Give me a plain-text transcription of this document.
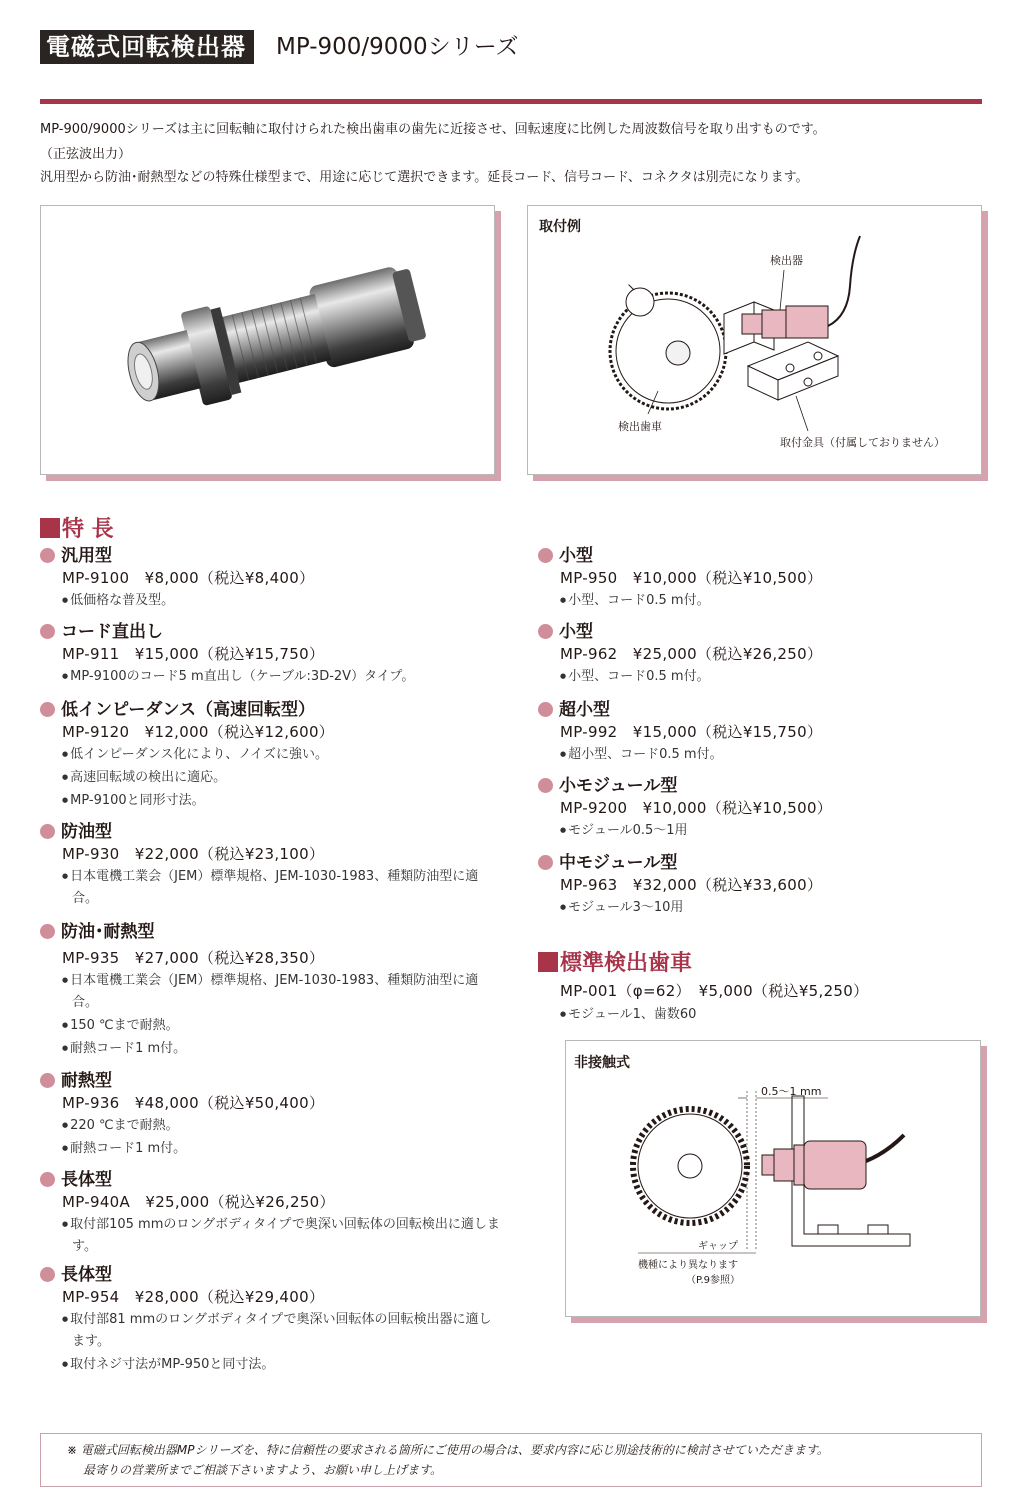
電磁式回転検出器	MP-900/9000シリーズ
MP-900/9000シリーズは主に回転軸に取付けられた検出歯車の歯先に近接させ、回転速度に比例した周波数信号を取り出すものです。
（正弦波出力）
汎用型から防油･耐熱型などの特殊仕様型まで、用途に応じて選択できます。延長コード、信号コード、コネクタは別売になります。
取付例
検出器
検出歯車
取付金具（付属しておりません）
特 長
汎用型
MP-9100　¥8,000（税込¥8,400）
● 低価格な普及型。
コード直出し
MP-911　¥15,000（税込¥15,750）
● MP-9100のコード5 m直出し（ケーブル:3D-2V）タイプ。
低インピーダンス（高速回転型）
MP-9120　¥12,000（税込¥12,600）
● 低インピーダンス化により、ノイズに強い。
● 高速回転域の検出に適応。
● MP-9100と同形寸法。
防油型
MP-930　¥22,000（税込¥23,100）
● 日本電機工業会（JEM）標準規格、JEM-1030-1983、種類防油型に適合。
防油･耐熱型
MP-935　¥27,000（税込¥28,350）
● 日本電機工業会（JEM）標準規格、JEM-1030-1983、種類防油型に適合。
● 150 ℃まで耐熱。
● 耐熱コード1 m付。
耐熱型
MP-936　¥48,000（税込¥50,400）
● 220 ℃まで耐熱。
● 耐熱コード1 m付。
長体型
MP-940A　¥25,000（税込¥26,250）
● 取付部105 mmのロングボディタイプで奥深い回転体の回転検出に適します。
長体型
MP-954　¥28,000（税込¥29,400）
● 取付部81 mmのロングボディタイプで奥深い回転体の回転検出器に適します。
● 取付ネジ寸法がMP-950と同寸法。
小型
MP-950　¥10,000（税込¥10,500）
● 小型、コード0.5 m付。
小型
MP-962　¥25,000（税込¥26,250）
● 小型、コード0.5 m付。
超小型
MP-992　¥15,000（税込¥15,750）
● 超小型、コード0.5 m付。
小モジュール型
MP-9200　¥10,000（税込¥10,500）
● モジュール0.5～1用
中モジュール型
MP-963　¥32,000（税込¥33,600）
● モジュール3～10用
標準検出歯車
MP-001（φ=62）　¥5,000（税込¥5,250）
● モジュール1、歯数60
非接触式
0.5～1 mm
ギャップ
機種により異なります
（P.9参照）
※ 電磁式回転検出器MPシリーズを、特に信頼性の要求される箇所にご使用の場合は、要求内容に応じ別途技術的に検討させていただきます。
最寄りの営業所までご相談下さいますよう、お願い申し上げます。
